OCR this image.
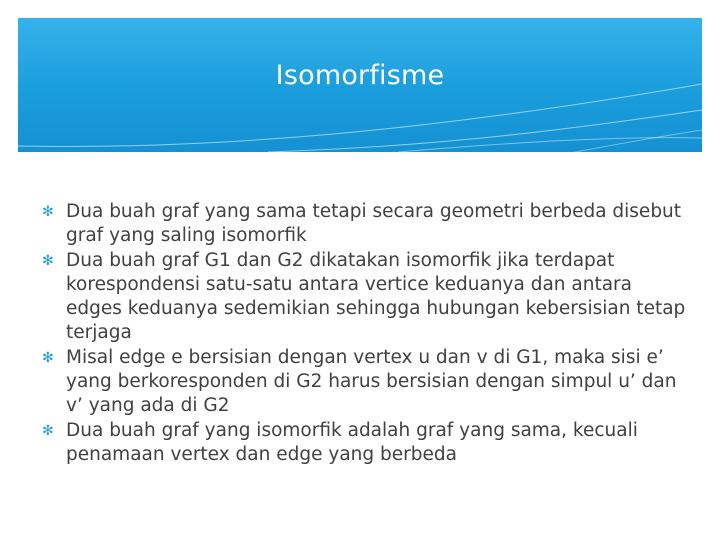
Isomorfisme
✻ Dua buah graf yang sama tetapi secara geometri berbeda disebut graf yang saling isomorfik
✻ Dua buah graf G1 dan G2 dikatakan isomorfik jika terdapat korespondensi satu-satu antara vertice keduanya dan antara edges keduanya sedemikian sehingga hubungan kebersisian tetap terjaga
✻ Misal edge e bersisian dengan vertex u dan v di G1, maka sisi e’ yang berkoresponden di G2 harus bersisian dengan simpul u’ dan v’ yang ada di G2
✻ Dua buah graf yang isomorfik adalah graf yang sama, kecuali penamaan vertex dan edge yang berbeda
